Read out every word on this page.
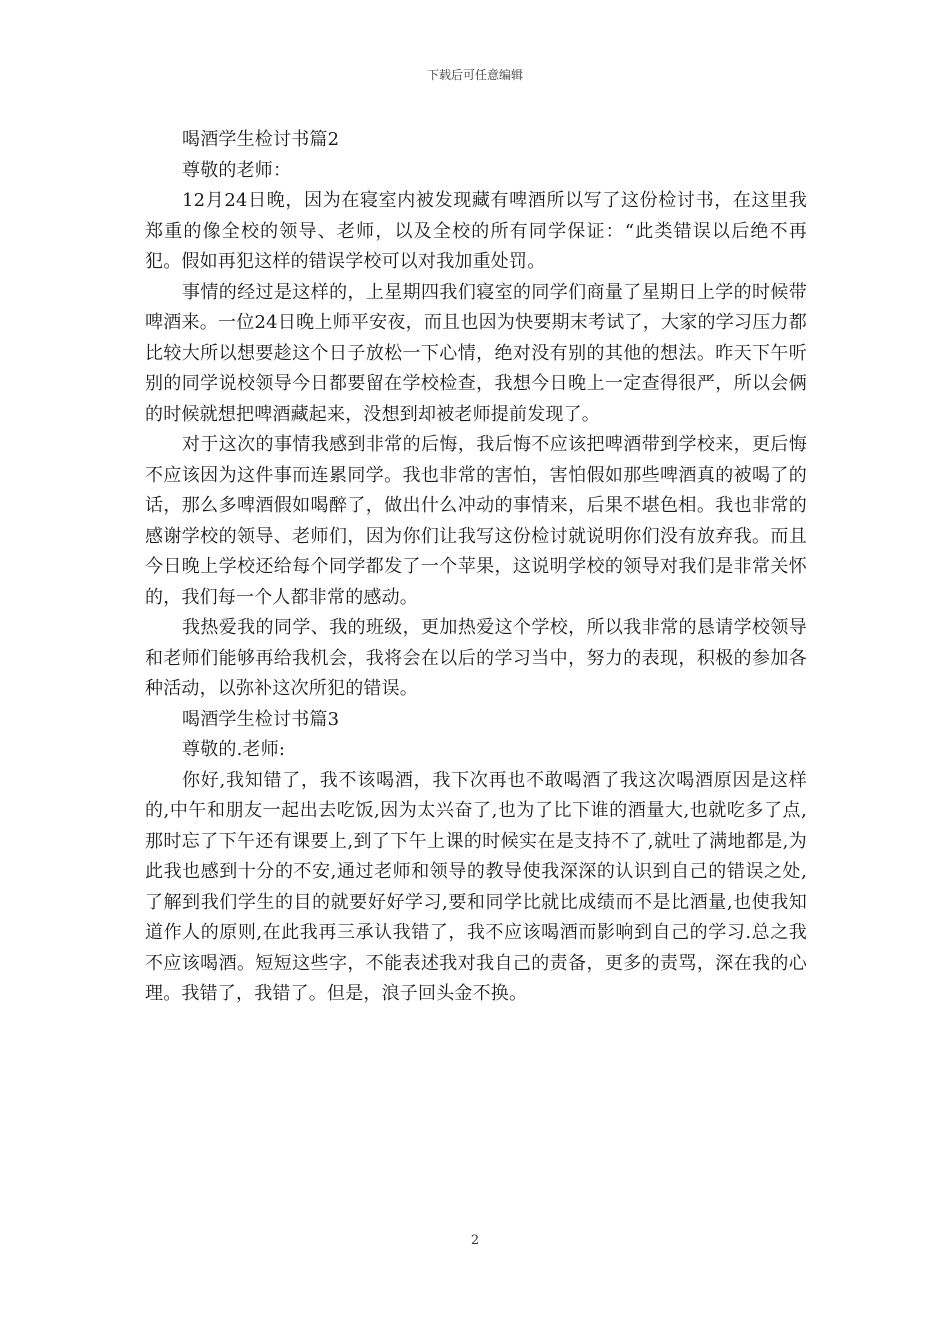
下载后可任意编辑

喝酒学生检讨书篇2

尊敬的老师：

12月24日晚，因为在寝室内被发现藏有啤酒所以写了这份检讨书，在这里我郑重的像全校的领导、老师，以及全校的所有同学保证：“此类错误以后绝不再犯。假如再犯这样的错误学校可以对我加重处罚。

事情的经过是这样的，上星期四我们寝室的同学们商量了星期日上学的时候带啤酒来。一位24日晚上师平安夜，而且也因为快要期末考试了，大家的学习压力都比较大所以想要趁这个日子放松一下心情，绝对没有别的其他的想法。昨天下午听别的同学说校领导今日都要留在学校检查，我想今日晚上一定查得很严，所以会俩的时候就想把啤酒藏起来，没想到却被老师提前发现了。

对于这次的事情我感到非常的后悔，我后悔不应该把啤酒带到学校来，更后悔不应该因为这件事而连累同学。我也非常的害怕，害怕假如那些啤酒真的被喝了的话，那么多啤酒假如喝醉了，做出什么冲动的事情来，后果不堪色相。我也非常的感谢学校的领导、老师们，因为你们让我写这份检讨就说明你们没有放弃我。而且今日晚上学校还给每个同学都发了一个苹果，这说明学校的领导对我们是非常关怀的，我们每一个人都非常的感动。

我热爱我的同学、我的班级，更加热爱这个学校，所以我非常的恳请学校领导和老师们能够再给我机会，我将会在以后的学习当中，努力的表现，积极的参加各种活动，以弥补这次所犯的错误。

喝酒学生检讨书篇3

尊敬的.老师:

你好,我知错了，我不该喝酒，我下次再也不敢喝酒了我这次喝酒原因是这样的,中午和朋友一起出去吃饭,因为太兴奋了,也为了比下谁的酒量大,也就吃多了点,那时忘了下午还有课要上,到了下午上课的时候实在是支持不了,就吐了满地都是,为此我也感到十分的不安,通过老师和领导的教导使我深深的认识到自己的错误之处,了解到我们学生的目的就要好好学习,要和同学比就比成绩而不是比酒量,也使我知道作人的原则,在此我再三承认我错了，我不应该喝酒而影响到自己的学习.总之我不应该喝酒。短短这些字，不能表述我对我自己的责备，更多的责骂，深在我的心理。我错了，我错了。但是，浪子回头金不换。

2
